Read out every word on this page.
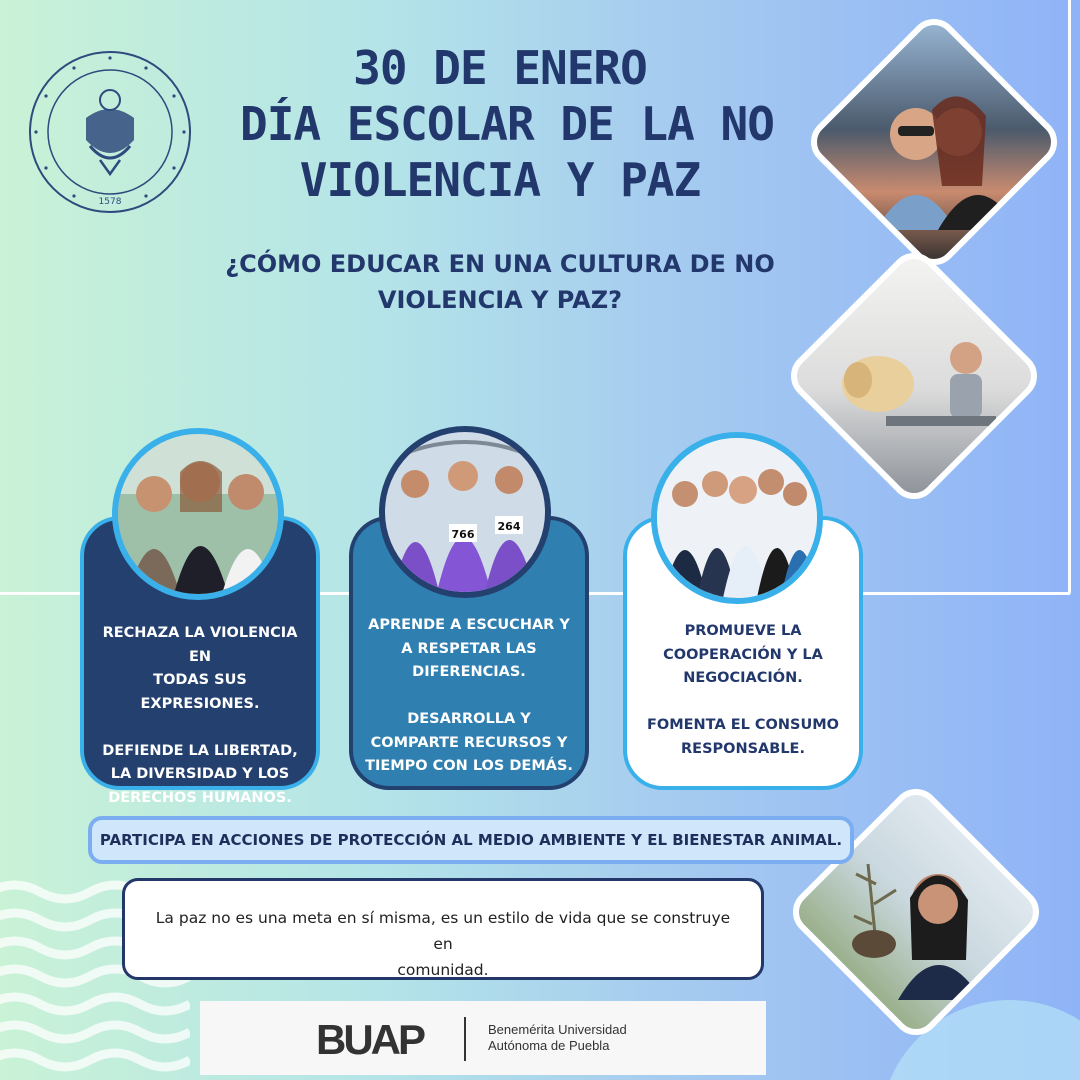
1578
30 DE ENERO
DÍA ESCOLAR DE LA NO
VIOLENCIA Y PAZ
¿CÓMO EDUCAR EN UNA CULTURA DE NO
VIOLENCIA Y PAZ?
RECHAZA LA VIOLENCIA EN
TODAS SUS
EXPRESIONES.
DEFIENDE LA LIBERTAD,
LA DIVERSIDAD Y LOS
DERECHOS HUMANOS.
APRENDE A ESCUCHAR Y
A RESPETAR LAS
DIFERENCIAS.
DESARROLLA Y
COMPARTE RECURSOS Y
TIEMPO CON LOS DEMÁS.
766
264
PROMUEVE LA
COOPERACIÓN Y LA
NEGOCIACIÓN.
FOMENTA EL CONSUMO
RESPONSABLE.
PARTICIPA EN ACCIONES DE PROTECCIÓN AL MEDIO AMBIENTE Y EL BIENESTAR ANIMAL.
La paz no es una meta en sí misma, es un estilo de vida que se construye en
comunidad.
BUAP	Benemérita Universidad
Autónoma de Puebla
